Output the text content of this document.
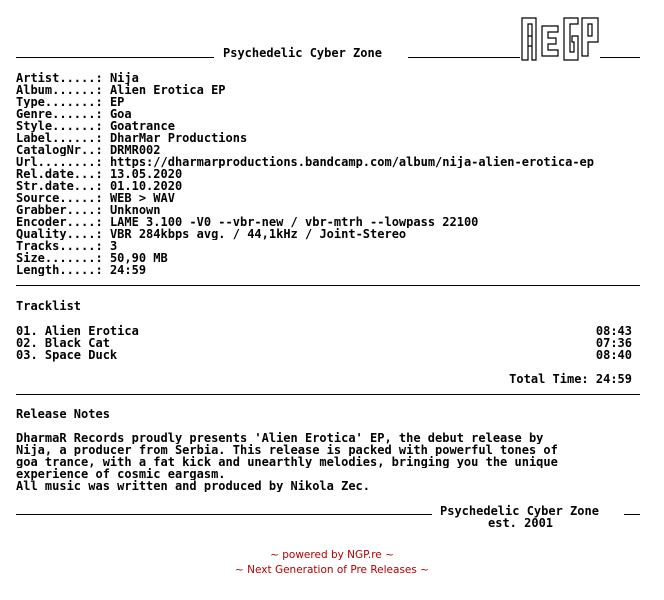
Psychedelic Cyber Zone
Artist.....: Nija
Album......: Alien Erotica EP
Type.......: EP
Genre......: Goa
Style......: Goatrance
Label......: DharMar Productions
CatalogNr..: DRMR002
Url........: https://dharmarproductions.bandcamp.com/album/nija-alien-erotica-ep
Rel.date...: 13.05.2020
Str.date...: 01.10.2020
Source.....: WEB > WAV
Grabber....: Unknown
Encoder....: LAME 3.100 -V0 --vbr-new / vbr-mtrh --lowpass 22100
Quality....: VBR 284kbps avg. / 44,1kHz / Joint-Stereo
Tracks.....: 3
Size.......: 50,90 MB
Length.....: 24:59
Tracklist
01. Alien Erotica	08:43
02. Black Cat	07:36
03. Space Duck	08:40
Total Time: 24:59
Release Notes
DharmaR Records proudly presents 'Alien Erotica' EP, the debut release by
Nija, a producer from Serbia. This release is packed with powerful tones of
goa trance, with a fat kick and unearthly melodies, bringing you the unique
experience of cosmic eargasm.
All music was written and produced by Nikola Zec.
Psychedelic Cyber Zone
est. 2001
~ powered by NGP.re ~
~ Next Generation of Pre Releases ~
